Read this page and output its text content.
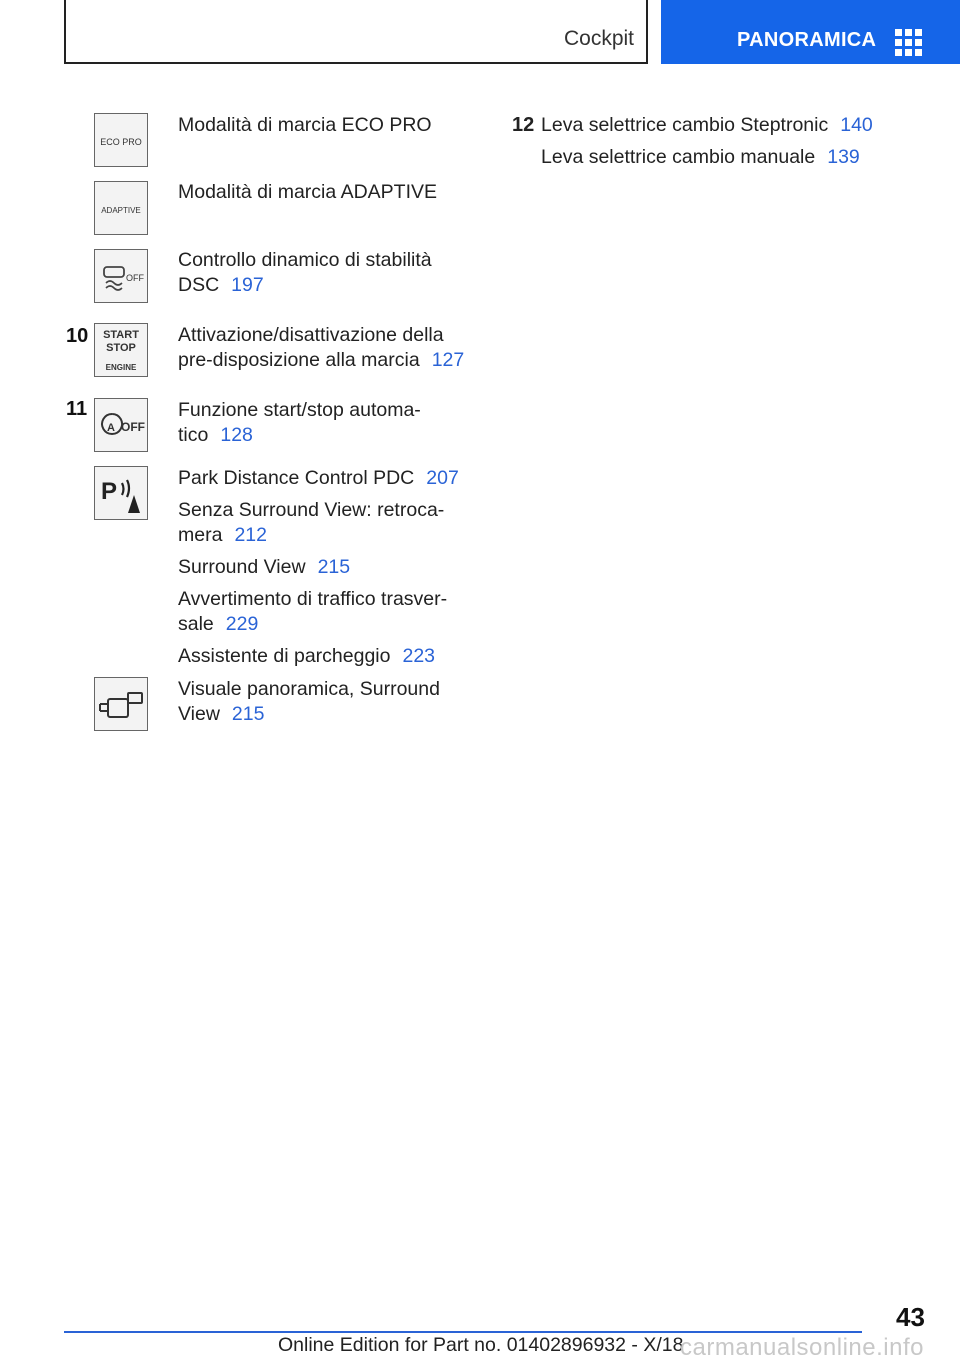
Cockpit	PANORAMICA
ECO PRO

Modalità di marcia ECO PRO

ADAPTIVE

Modalità di marcia ADAPTIVE

OFF

Controllo dinamico di stabilità DSC 197

10 START
STOP
ENGINE

Attivazione/disattivazione della pre-disposizione alla marcia 127

11
A OFF

Funzione start/stop automa-tico 128

P	Park Distance Control PDC 207

Senza Surround View: retroca-mera 212

Surround View 215

Avvertimento di traffico trasver-sale 229

Assistente di parcheggio 223

Visuale panoramica, Surround View 215

12 Leva selettrice cambio Steptronic 140
Leva selettrice cambio manuale 139
43
Online Edition for Part no. 01402896932 - X/18
carmanualsonline.info
